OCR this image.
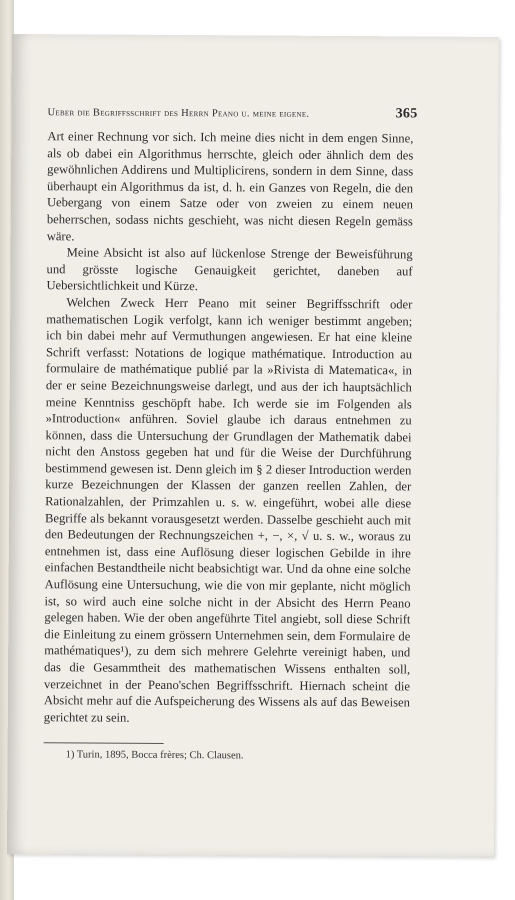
Ueber die Begriffsschrift des Herrn Peano u. meine eigene.	365

Art einer Rechnung vor sich. Ich meine dies nicht in dem engen Sinne, als ob dabei ein Algorithmus herrschte, gleich oder ähnlich dem des gewöhnlichen Addirens und Multiplicirens, sondern in dem Sinne, dass überhaupt ein Algorithmus da ist, d. h. ein Ganzes von Regeln, die den Uebergang von einem Satze oder von zweien zu einem neuen beherrschen, sodass nichts geschieht, was nicht diesen Regeln gemäss wäre.

Meine Absicht ist also auf lückenlose Strenge der Beweisführung und grösste logische Genauigkeit gerichtet, daneben auf Uebersichtlichkeit und Kürze.

Welchen Zweck Herr Peano mit seiner Begriffsschrift oder mathematischen Logik verfolgt, kann ich weniger bestimmt angeben; ich bin dabei mehr auf Vermuthungen angewiesen. Er hat eine kleine Schrift verfasst: Notations de logique mathématique. Introduction au formulaire de mathématique publié par la »Rivista di Matematica«, in der er seine Bezeichnungsweise darlegt, und aus der ich hauptsächlich meine Kenntniss geschöpft habe. Ich werde sie im Folgenden als »Introduction« anführen. Soviel glaube ich daraus entnehmen zu können, dass die Untersuchung der Grundlagen der Mathematik dabei nicht den Anstoss gegeben hat und für die Weise der Durchführung bestimmend gewesen ist. Denn gleich im § 2 dieser Introduction werden kurze Bezeichnungen der Klassen der ganzen reellen Zahlen, der Rationalzahlen, der Primzahlen u. s. w. eingeführt, wobei alle diese Begriffe als bekannt vorausgesetzt werden. Dasselbe geschieht auch mit den Bedeutungen der Rechnungszeichen +, −, ×, √ u. s. w., woraus zu entnehmen ist, dass eine Auflösung dieser logischen Gebilde in ihre einfachen Bestandtheile nicht beabsichtigt war. Und da ohne eine solche Auflösung eine Untersuchung, wie die von mir geplante, nicht möglich ist, so wird auch eine solche nicht in der Absicht des Herrn Peano gelegen haben. Wie der oben angeführte Titel angiebt, soll diese Schrift die Einleitung zu einem grössern Unternehmen sein, dem Formulaire de mathématiques¹), zu dem sich mehrere Gelehrte vereinigt haben, und das die Gesammtheit des mathematischen Wissens enthalten soll, verzeichnet in der Peano'schen Begriffsschrift. Hiernach scheint die Absicht mehr auf die Aufspeicherung des Wissens als auf das Beweisen gerichtet zu sein.

1) Turin, 1895, Bocca frères; Ch. Clausen.
